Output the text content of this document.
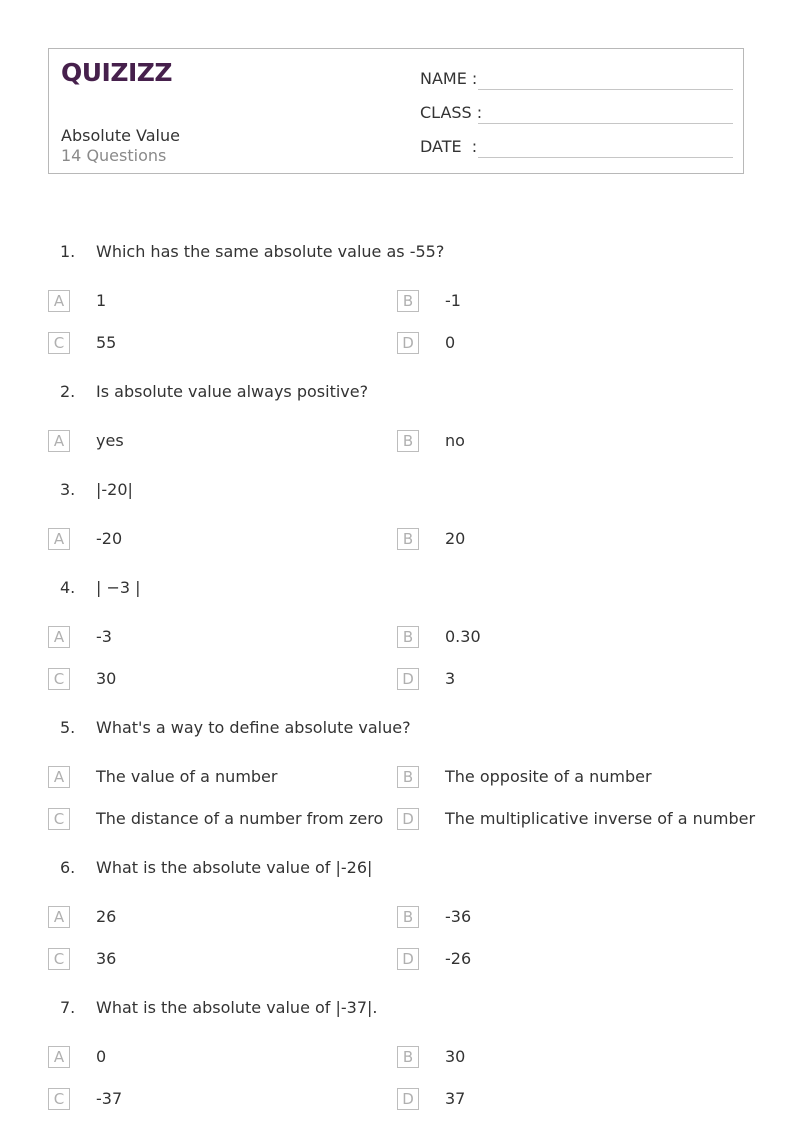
QUIZIZZ
Absolute Value
14 Questions
NAME :
CLASS :
DATE  :
1. Which has the same absolute value as -55?
A	1	B	-1
C	55	D	0
2. Is absolute value always positive?
A	yes	B	no
3. |-20|
A	-20	B	20
4. | −3 |
A	-3	B	0.30
C	30	D	3
5. What's a way to define absolute value?
A	The value of a number	B	The opposite of a number
C	The distance of a number from zero	D	The multiplicative inverse of a number
6. What is the absolute value of |-26|
A	26	B	-36
C	36	D	-26
7. What is the absolute value of |-37|.
A	0	B	30
C	-37	D	37
